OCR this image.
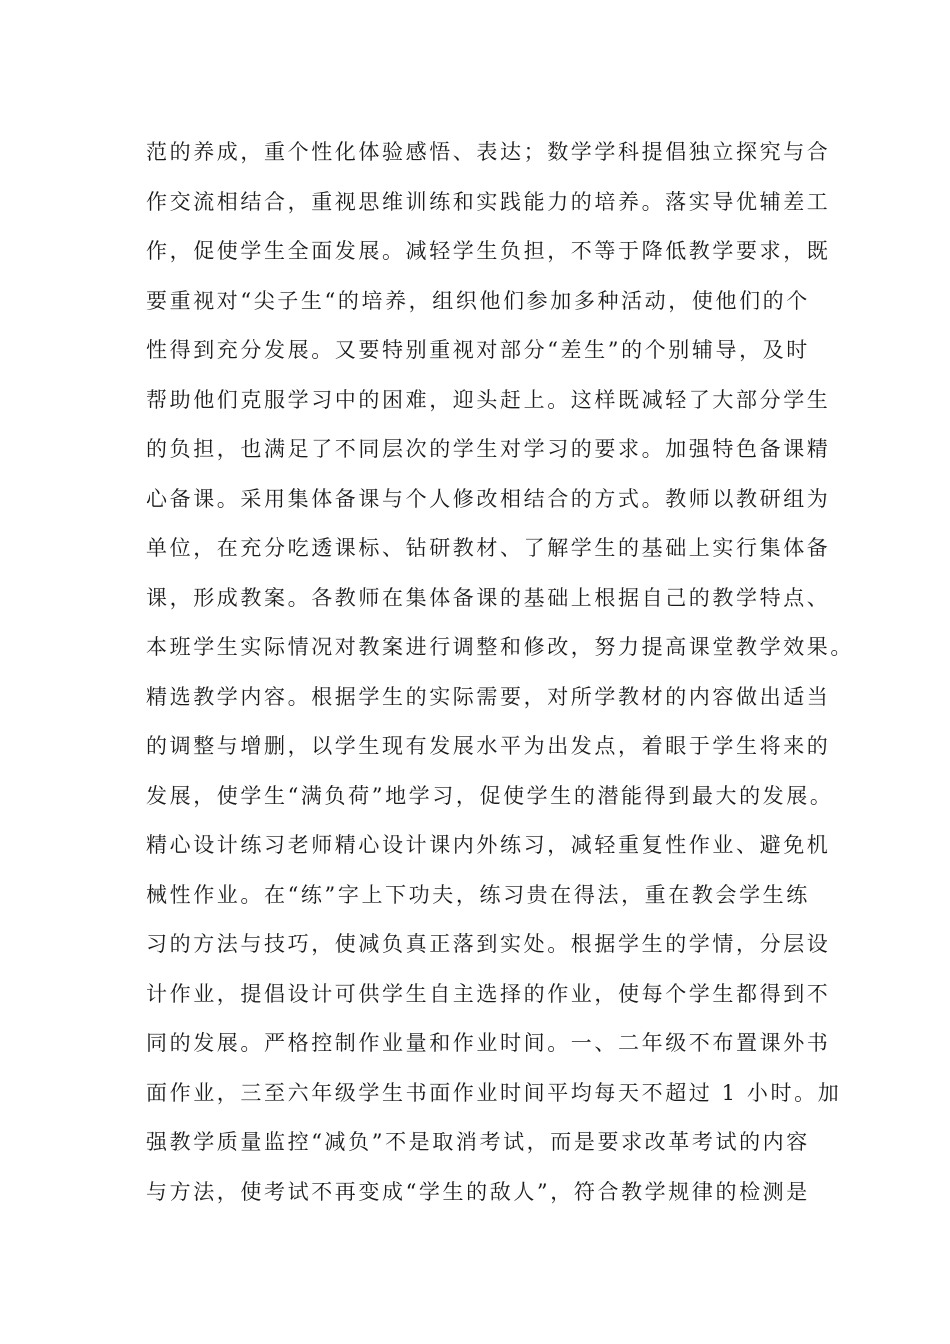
范的养成，重个性化体验感悟、表达；数学学科提倡独立探究与合
作交流相结合，重视思维训练和实践能力的培养。落实导优辅差工
作，促使学生全面发展。减轻学生负担，不等于降低教学要求，既
要重视对“尖子生“的培养，组织他们参加多种活动，使他们的个
性得到充分发展。又要特别重视对部分“差生”的个别辅导，及时
帮助他们克服学习中的困难，迎头赶上。这样既减轻了大部分学生
的负担，也满足了不同层次的学生对学习的要求。加强特色备课精
心备课。采用集体备课与个人修改相结合的方式。教师以教研组为
单位，在充分吃透课标、钻研教材、了解学生的基础上实行集体备
课，形成教案。各教师在集体备课的基础上根据自己的教学特点、
本班学生实际情况对教案进行调整和修改，努力提高课堂教学效果。
精选教学内容。根据学生的实际需要，对所学教材的内容做出适当
的调整与增删，以学生现有发展水平为出发点，着眼于学生将来的
发展，使学生“满负荷”地学习，促使学生的潜能得到最大的发展。
精心设计练习老师精心设计课内外练习，减轻重复性作业、避免机
械性作业。在“练”字上下功夫，练习贵在得法，重在教会学生练
习的方法与技巧，使减负真正落到实处。根据学生的学情，分层设
计作业，提倡设计可供学生自主选择的作业，使每个学生都得到不
同的发展。严格控制作业量和作业时间。一、二年级不布置课外书
面作业，三至六年级学生书面作业时间平均每天不超过 1 小时。加
强教学质量监控“减负”不是取消考试，而是要求改革考试的内容
与方法，使考试不再变成“学生的敌人”，符合教学规律的检测是
